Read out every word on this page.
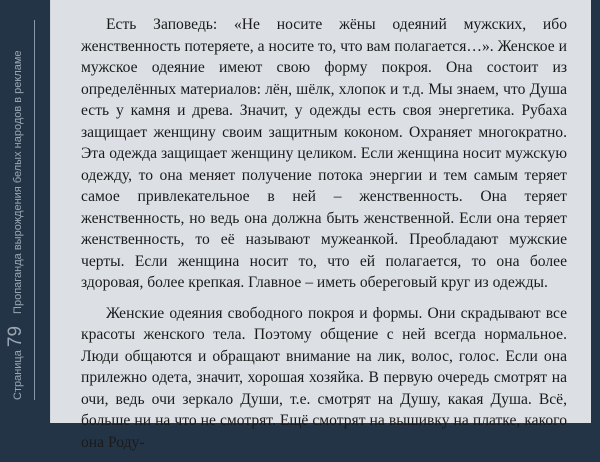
Страница 79Пропаганда вырождения белых народов в рекламе

Есть Заповедь: «Не носите жёны одеяний мужских, ибо женственность потеряете, а носите то, что вам полагается…». Женское и мужское одеяние имеют свою форму покроя. Она состоит из определённых материалов: лён, шёлк, хлопок и т.д. Мы знаем, что Душа есть у камня и древа. Значит, у одежды есть своя энергетика. Рубаха защищает женщину своим защитным коконом. Охраняет многократно. Эта одежда защищает женщину целиком. Если женщина носит мужскую одежду, то она меняет получение потока энергии и тем самым теряет самое привлекательное в ней – женственность. Она теряет женственность, но ведь она должна быть женственной. Если она теряет женственность, то её называют мужеанкой. Преобладают мужские черты. Если женщина носит то, что ей полагается, то она более здоровая, более крепкая. Главное – иметь обереговый круг из одежды.

Женские одеяния свободного покроя и формы. Они скрадывают все красоты женского тела. Поэтому общение с ней всегда нормальное. Люди общаются и обращают внимание на лик, волос, голос. Если она прилежно одета, значит, хорошая хозяйка. В первую очередь смотрят на очи, ведь очи зеркало Души, т.е. смотрят на Душу, какая Душа. Всё, больше ни на что не смотрят. Ещё смотрят на вышивку на платке, какого она Роду-
